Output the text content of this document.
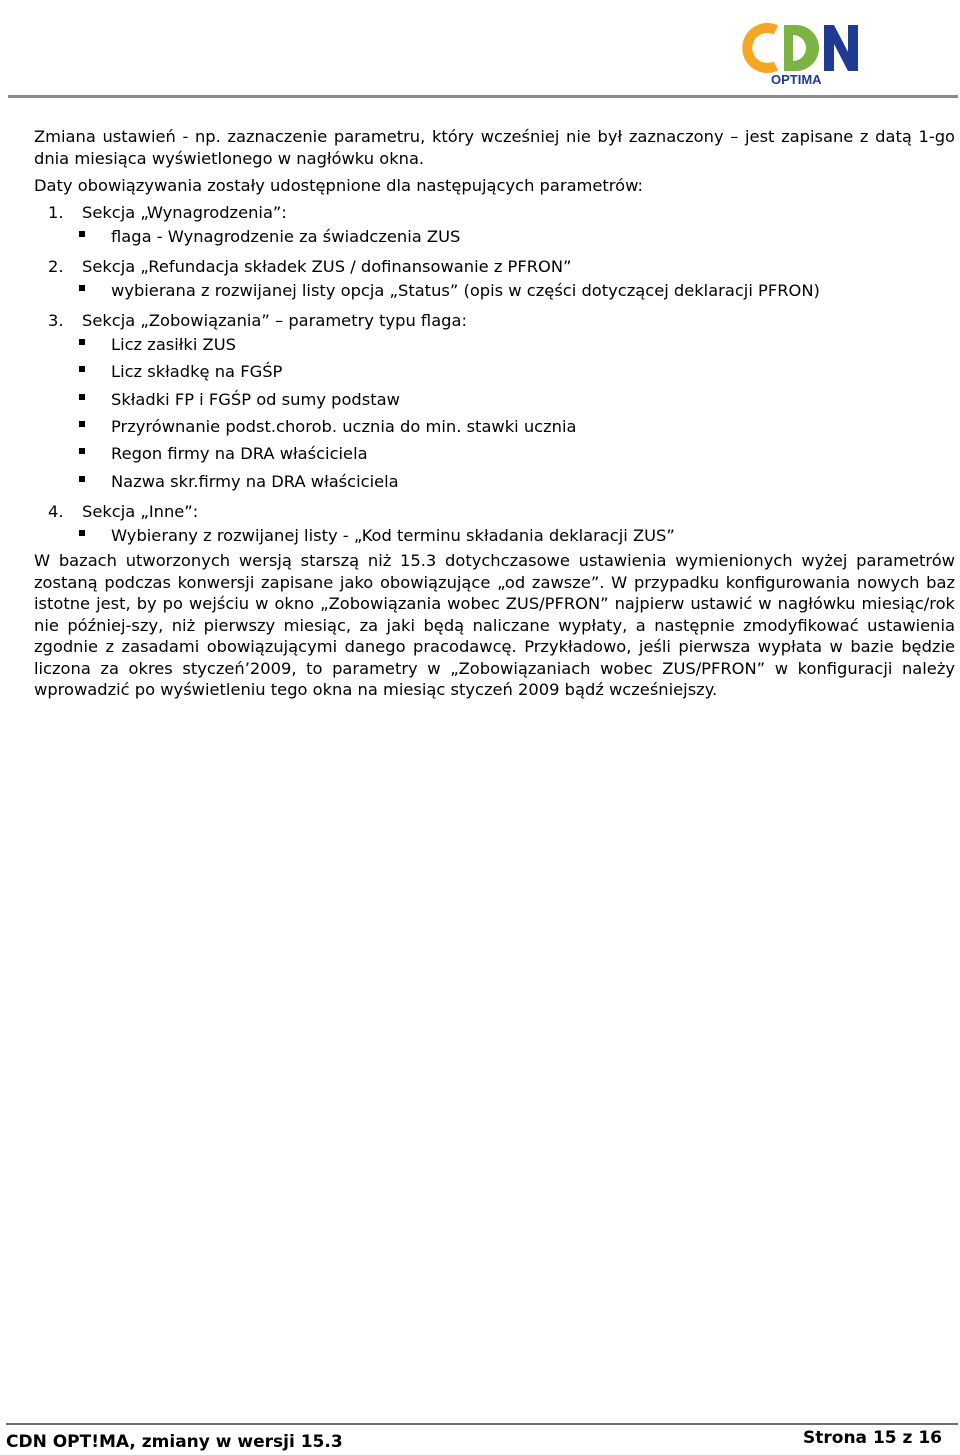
OPTIMA

Zmiana ustawień - np. zaznaczenie parametru, który wcześniej nie był zaznaczony – jest zapisane z datą 1-go dnia miesiąca wyświetlonego w nagłówku okna.

Daty obowiązywania zostały udostępnione dla następujących parametrów:

1. Sekcja „Wynagrodzenia”:
flaga - Wynagrodzenie za świadczenia ZUS
2. Sekcja „Refundacja składek ZUS / dofinansowanie z PFRON”
wybierana z rozwijanej listy opcja „Status” (opis w części dotyczącej deklaracji PFRON)
3. Sekcja „Zobowiązania” – parametry typu flaga:
Licz zasiłki ZUS
Licz składkę na FGŚP
Składki FP i FGŚP od sumy podstaw
Przyrównanie podst.chorob. ucznia do min. stawki ucznia
Regon firmy na DRA właściciela
Nazwa skr.firmy na DRA właściciela
4. Sekcja „Inne”:
Wybierany z rozwijanej listy - „Kod terminu składania deklaracji ZUS”

W bazach utworzonych wersją starszą niż 15.3 dotychczasowe ustawienia wymienionych wyżej parametrów zostaną podczas konwersji zapisane jako obowiązujące „od zawsze”. W przypadku konfigurowania nowych baz istotne jest, by po wejściu w okno „Zobowiązania wobec ZUS/PFRON” najpierw ustawić w nagłówku miesiąc/rok nie później-szy, niż pierwszy miesiąc, za jaki będą naliczane wypłaty, a następnie zmodyfikować ustawienia zgodnie z zasadami obowiązującymi danego pracodawcę. Przykładowo, jeśli pierwsza wypłata w bazie będzie liczona za okres styczeń’2009, to parametry w „Zobowiązaniach wobec ZUS/PFRON” w konfiguracji należy wprowadzić po wyświetleniu tego okna na miesiąc styczeń 2009 bądź wcześniejszy.

CDN OPT!MA, zmiany w wersji 15.3	Strona 15 z 16
